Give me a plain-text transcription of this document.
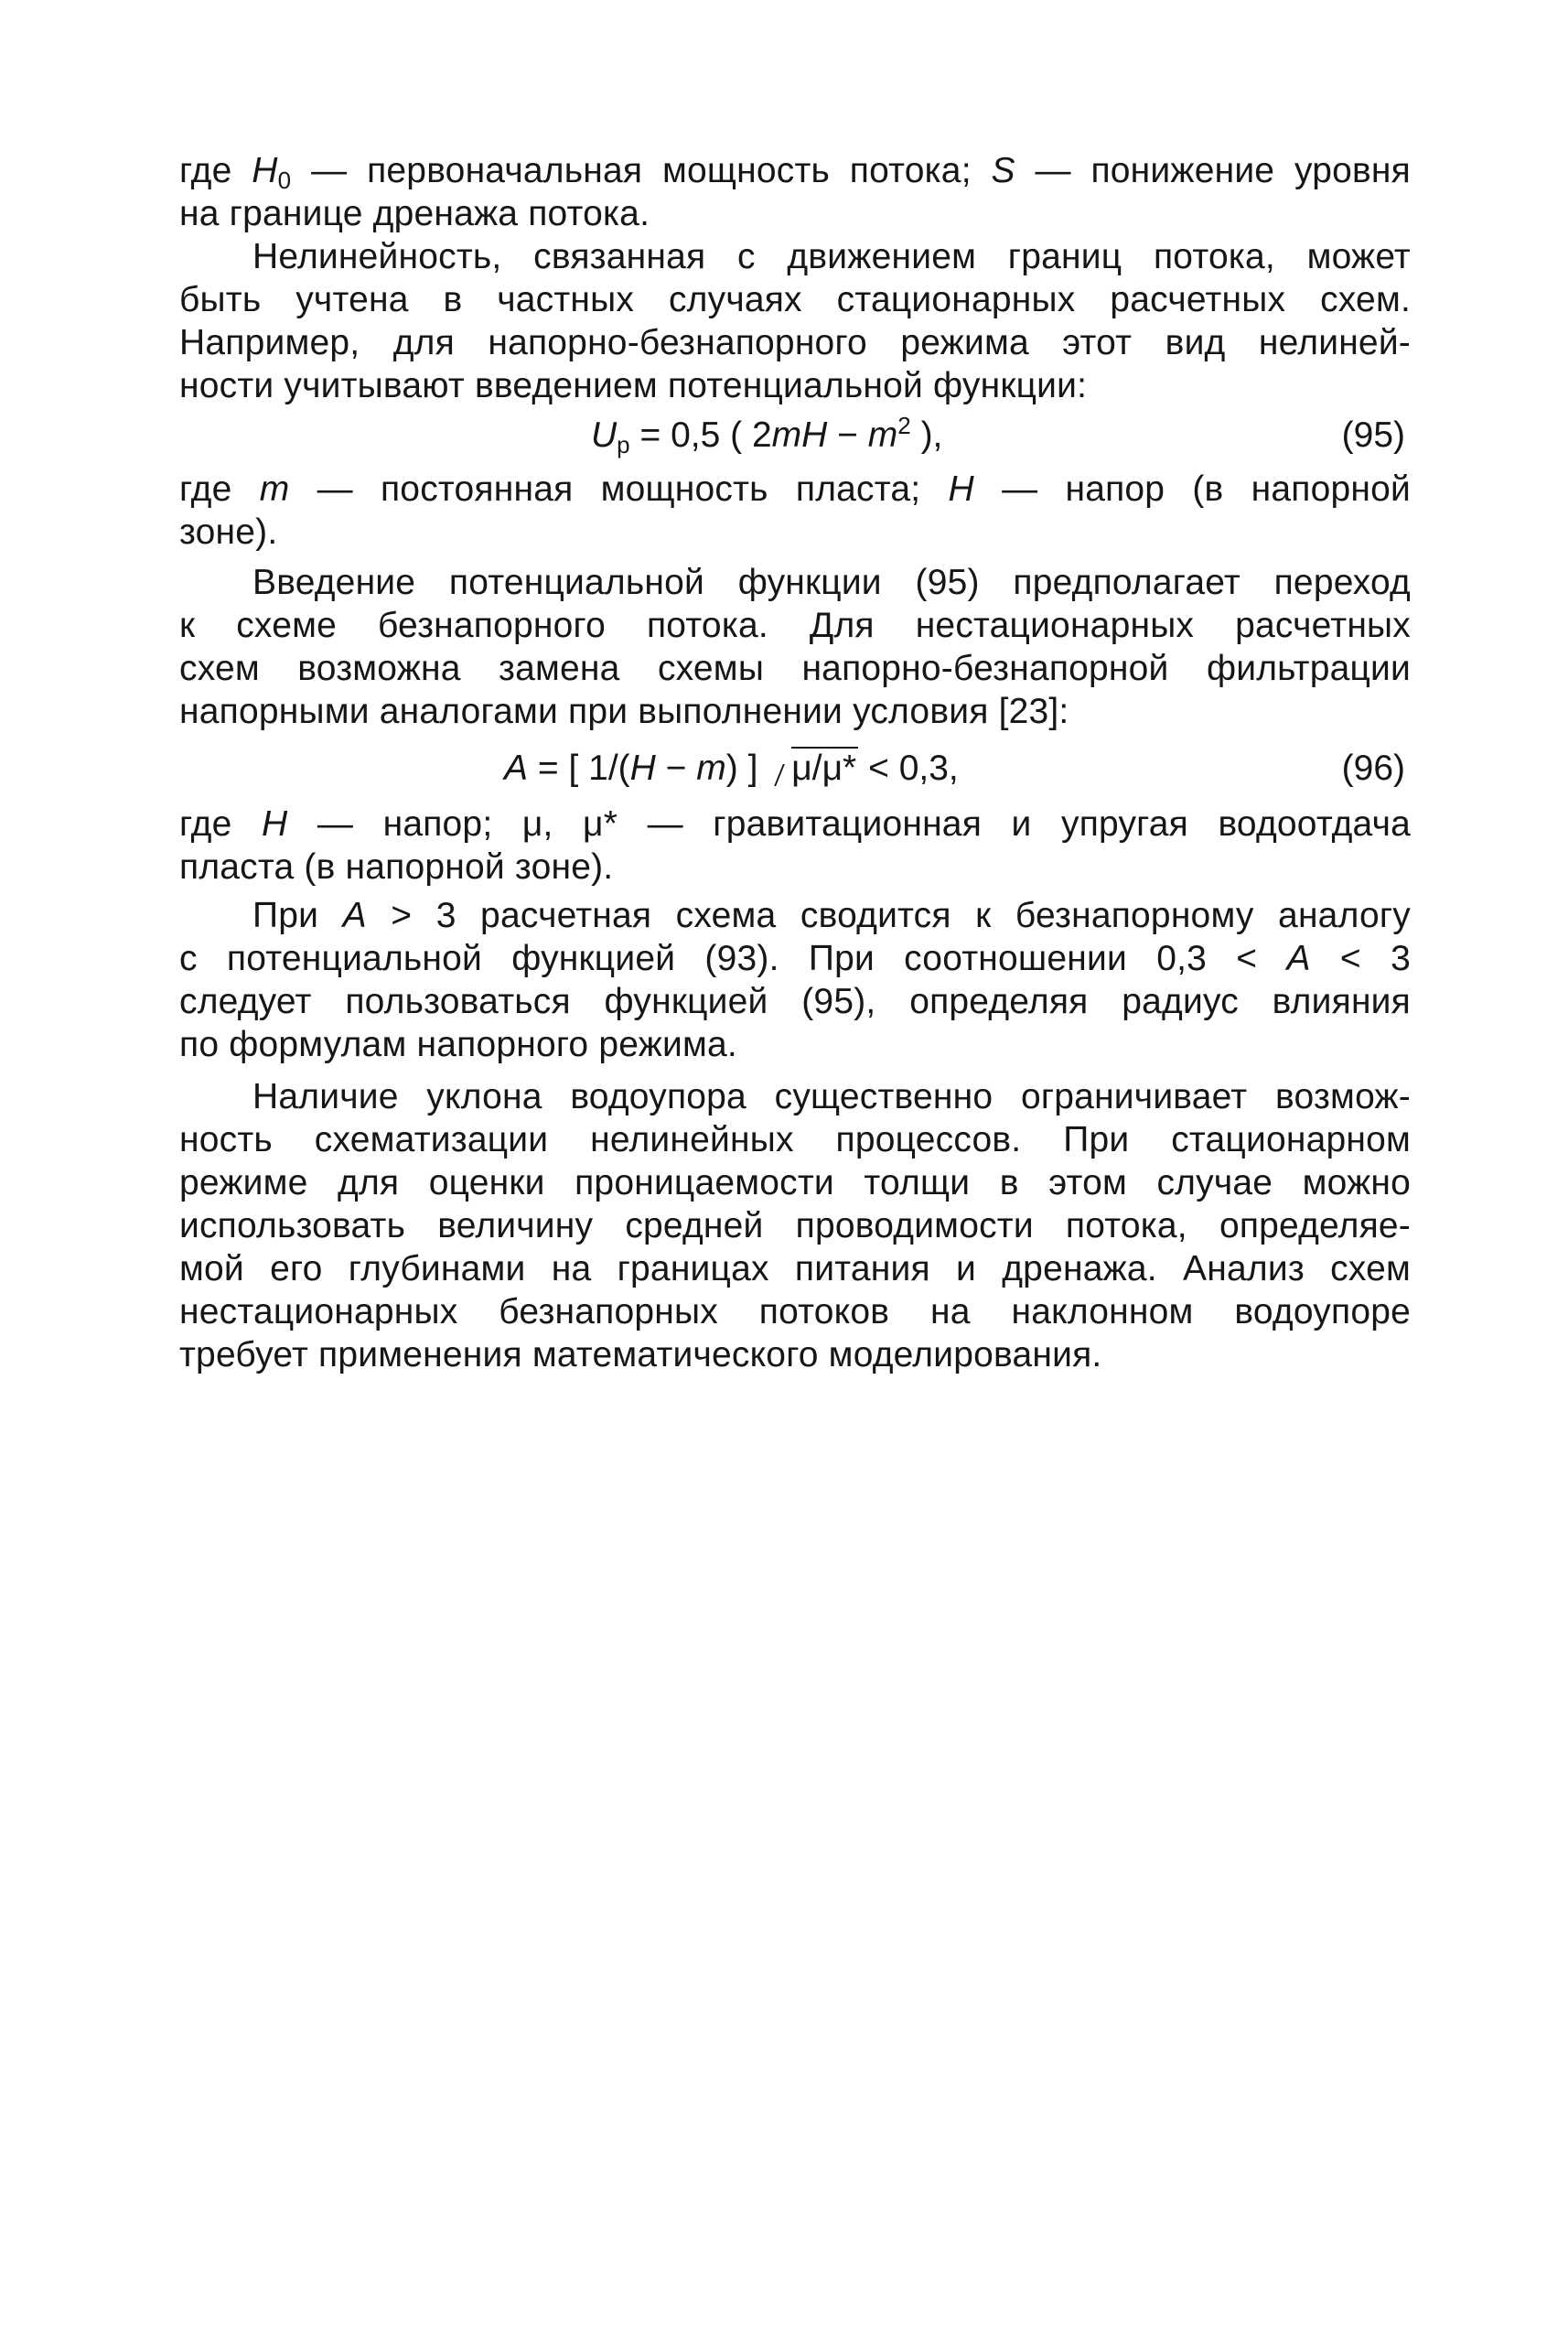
где $H_0$ — первоначальная мощность потока; S — понижение уровня
на границе дренажа потока.
Нелинейность, связанная с движением границ потока, может
быть учтена в частных случаях стационарных расчетных схем.
Например, для напорно-безнапорного режима этот вид нелиней-
ности учитывают введением потенциальной функции:
$U_р = 0,5$ ( $2mH - m^2$ ),	(95)
где m — постоянная мощность пласта; H — напор (в напорной
зоне).
Введение потенциальной функции (95) предполагает переход
к схеме безнапорного потока. Для нестационарных расчетных
схем возможна замена схемы напорно-безнапорной фильтрации
напорными аналогами при выполнении условия [23]:
A = [ 1/(H − m) ] μ/μ* < 0,3,	(96)
где H — напор; μ, μ* — гравитационная и упругая водоотдача
пласта (в напорной зоне).
При A > 3 расчетная схема сводится к безнапорному аналогу
с потенциальной функцией (93). При соотношении 0,3 < A < 3
следует пользоваться функцией (95), определяя радиус влияния
по формулам напорного режима.
Наличие уклона водоупора существенно ограничивает возмож-
ность схематизации нелинейных процессов. При стационарном
режиме для оценки проницаемости толщи в этом случае можно
использовать величину средней проводимости потока, определяе-
мой его глубинами на границах питания и дренажа. Анализ схем
нестационарных безнапорных потоков на наклонном водоупоре
требует применения математического моделирования.
